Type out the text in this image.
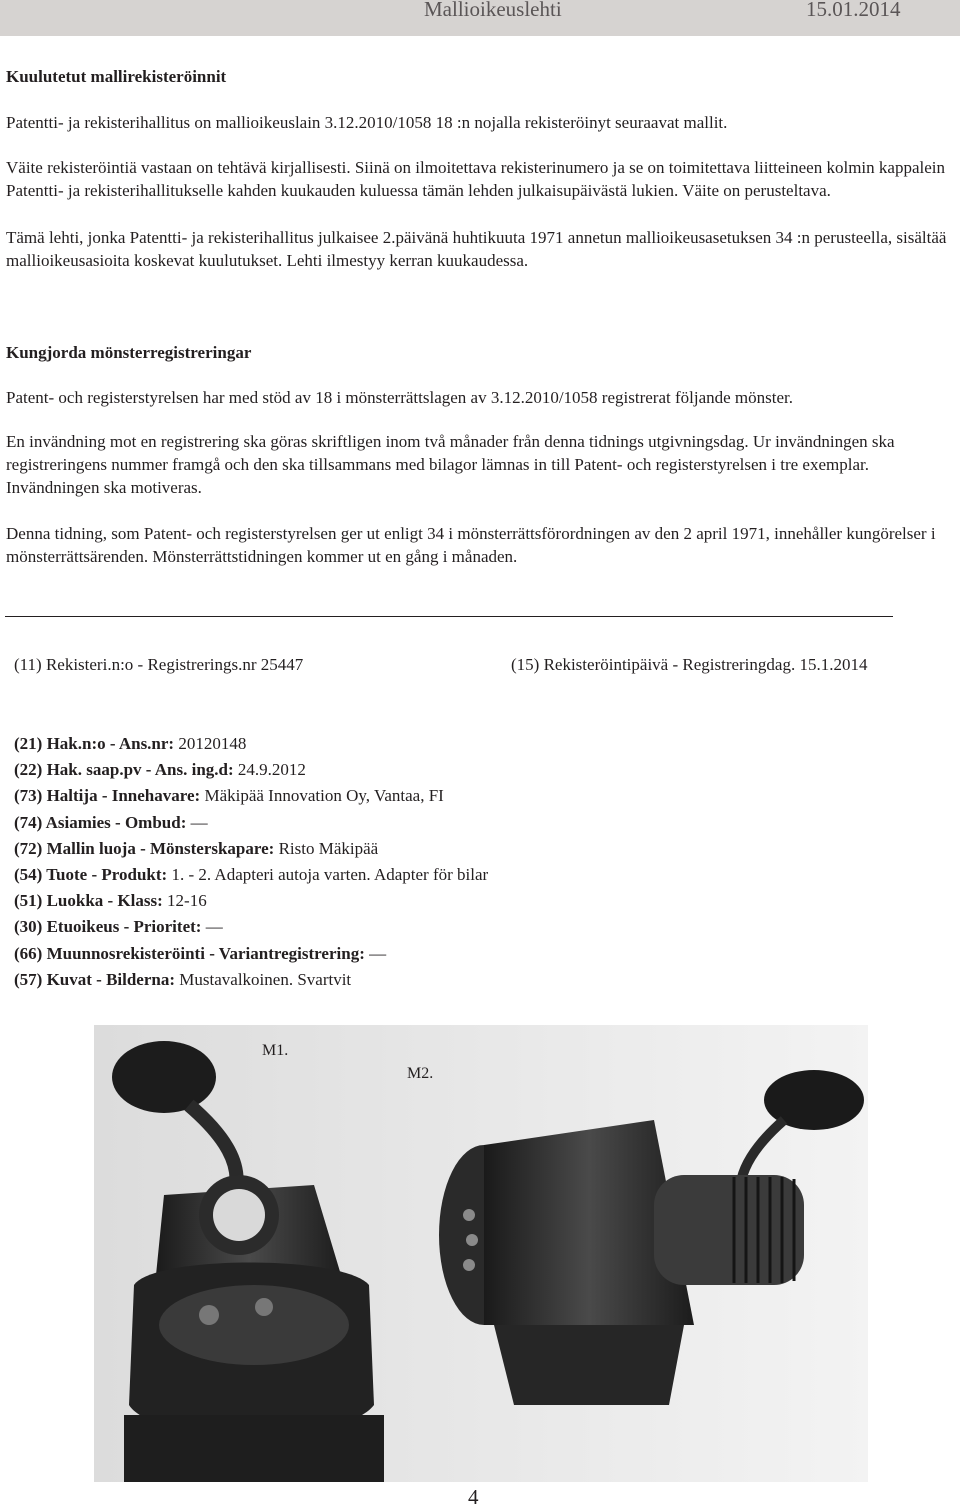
Mallioikeuslehti	15.01.2014
Kuulutetut mallirekisteröinnit
Patentti- ja rekisterihallitus on mallioikeuslain 3.12.2010/1058 18 :n nojalla rekisteröinyt seuraavat mallit.
Väite rekisteröintiä vastaan on tehtävä kirjallisesti. Siinä on ilmoitettava rekisterinumero ja se on toimitettava liitteineen kolmin kappalein Patentti- ja rekisterihallitukselle kahden kuukauden kuluessa tämän lehden julkaisupäivästä lukien. Väite on perusteltava.
Tämä lehti, jonka Patentti- ja rekisterihallitus julkaisee 2.päivänä huhtikuuta 1971 annetun mallioikeusasetuksen 34 :n perusteella, sisältää mallioikeusasioita koskevat kuulutukset. Lehti ilmestyy kerran kuukaudessa.
Kungjorda mönsterregistreringar
Patent- och registerstyrelsen har med stöd av 18 i mönsterrättslagen av 3.12.2010/1058 registrerat följande mönster.
En invändning mot en registrering ska göras skriftligen inom två månader från denna tidnings utgivningsdag. Ur invändningen ska registreringens nummer framgå och den ska tillsammans med bilagor lämnas in till Patent- och registerstyrelsen i tre exemplar. Invändningen ska motiveras.
Denna tidning, som Patent- och registerstyrelsen ger ut enligt 34 i mönsterrättsförordningen av den 2 april 1971, innehåller kungörelser i mönsterrättsärenden. Mönsterrättstidningen kommer ut en gång i månaden.
(11) Rekisteri.n:o - Registrerings.nr 25447	(15) Rekisteröintipäivä - Registreringdag. 15.1.2014
(21) Hak.n:o - Ans.nr: 20120148
(22) Hak. saap.pv - Ans. ing.d: 24.9.2012
(73) Haltija - Innehavare: Mäkipää Innovation Oy, Vantaa, FI
(74) Asiamies - Ombud: —
(72) Mallin luoja - Mönsterskapare: Risto Mäkipää
(54) Tuote - Produkt: 1. - 2. Adapteri autoja varten. Adapter för bilar
(51) Luokka - Klass: 12-16
(30) Etuoikeus - Prioritet: —
(66) Muunnosrekisteröinti - Variantregistrering: —
(57) Kuvat - Bilderna: Mustavalkoinen. Svartvit
M1.
M2.
4
